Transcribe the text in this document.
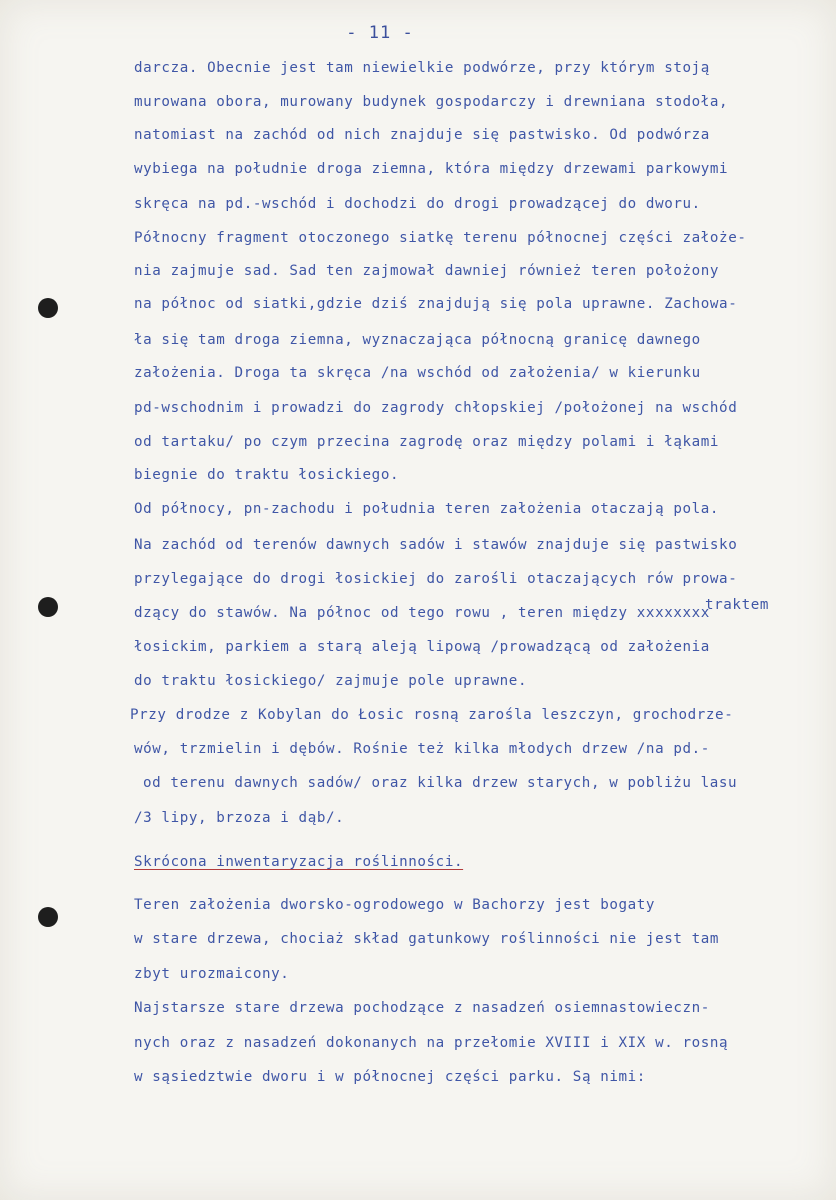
- 11 -
darcza. Obecnie jest tam niewielkie podwórze, przy którym stoją
murowana obora, murowany budynek gospodarczy i drewniana stodoła,
natomiast na zachód od nich znajduje się pastwisko. Od podwórza
wybiega na południe droga ziemna, która między drzewami parkowymi
skręca na pd.-wschód i dochodzi do drogi prowadzącej do dworu.
Północny fragment otoczonego siatkę terenu północnej części założe-
nia zajmuje sad. Sad ten zajmował dawniej również teren położony
na północ od siatki,gdzie dziś znajdują się pola uprawne. Zachowa-
ła się tam droga ziemna, wyznaczająca północną granicę dawnego
założenia. Droga ta skręca /na wschód od założenia/ w kierunku
pd-wschodnim i prowadzi do zagrody chłopskiej /położonej na wschód
od tartaku/ po czym przecina zagrodę oraz między polami i łąkami
biegnie do traktu łosickiego.
Od północy, pn-zachodu i południa teren założenia otaczają pola.
Na zachód od terenów dawnych sadów i stawów znajduje się pastwisko
przylegające do drogi łosickiej do zarośli otaczających rów prowa-
dzący do stawów. Na północ od tego rowu , teren między xxxxxxxx
traktem
łosickim, parkiem a starą aleją lipową /prowadzącą od założenia
do traktu łosickiego/ zajmuje pole uprawne.
Przy drodze z Kobylan do Łosic rosną zarośla leszczyn, grochodrze-
wów, trzmielin i dębów. Rośnie też kilka młodych drzew /na pd.-
od terenu dawnych sadów/ oraz kilka drzew starych, w pobliżu lasu
/3 lipy, brzoza i dąb/.
Skrócona inwentaryzacja roślinności.
Teren założenia dworsko-ogrodowego w Bachorzy jest bogaty
w stare drzewa, chociaż skład gatunkowy roślinności nie jest tam
zbyt urozmaicony.
Najstarsze stare drzewa pochodzące z nasadzeń osiemnastowieczn-
nych oraz z nasadzeń dokonanych na przełomie XVIII i XIX w. rosną
w sąsiedztwie dworu i w północnej części parku. Są nimi:
